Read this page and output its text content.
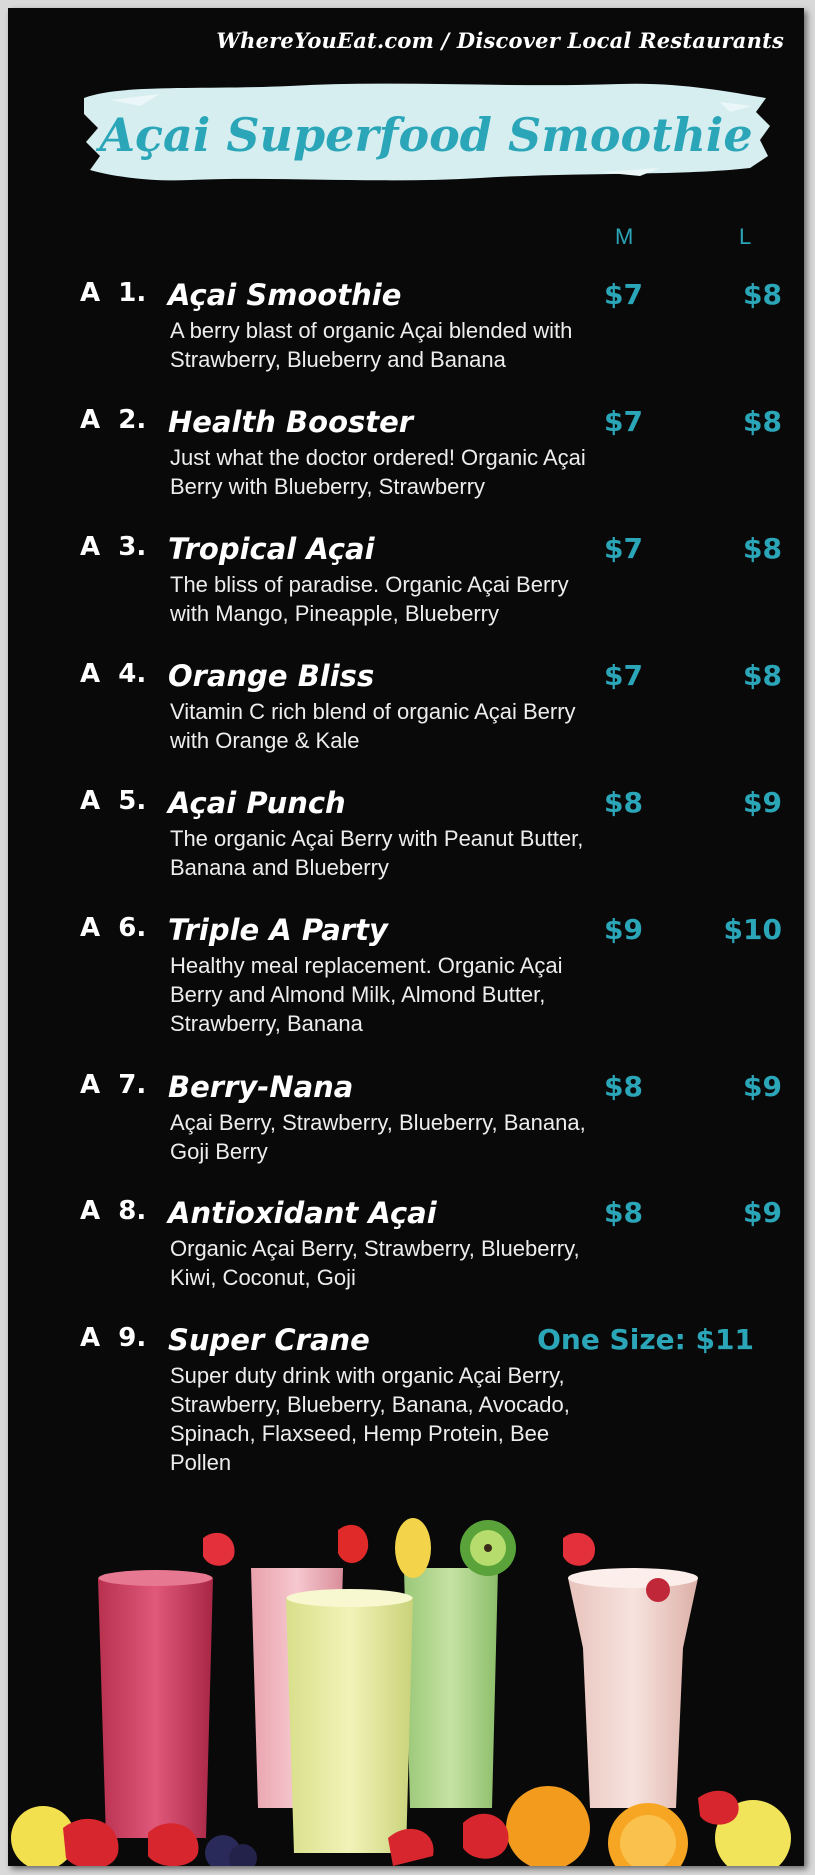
WhereYouEat.com / Discover Local Restaurants
Açai Superfood Smoothie
M	L
A  1. Açai Smoothie	$7	$8
A berry blast of organic Açai blended with Strawberry, Blueberry and Banana
A  2. Health Booster	$7	$8
Just what the doctor ordered! Organic Açai Berry with Blueberry, Strawberry
A  3. Tropical Açai	$7	$8
The bliss of paradise. Organic Açai Berry with Mango, Pineapple, Blueberry
A  4. Orange Bliss	$7	$8
Vitamin C rich blend of organic Açai Berry with Orange & Kale
A  5. Açai Punch	$8	$9
The organic Açai Berry with Peanut Butter, Banana and Blueberry
A  6. Triple A Party	$9	$10
Healthy meal replacement. Organic Açai Berry and Almond Milk, Almond Butter, Strawberry, Banana
A  7. Berry-Nana	$8	$9
Açai Berry, Strawberry, Blueberry, Banana, Goji Berry
A  8. Antioxidant Açai	$8	$9
Organic Açai Berry, Strawberry, Blueberry, Kiwi, Coconut, Goji
A  9. Super Crane	One Size: $11
Super duty drink with organic Açai Berry, Strawberry, Blueberry, Banana, Avocado, Spinach, Flaxseed, Hemp Protein, Bee Pollen
